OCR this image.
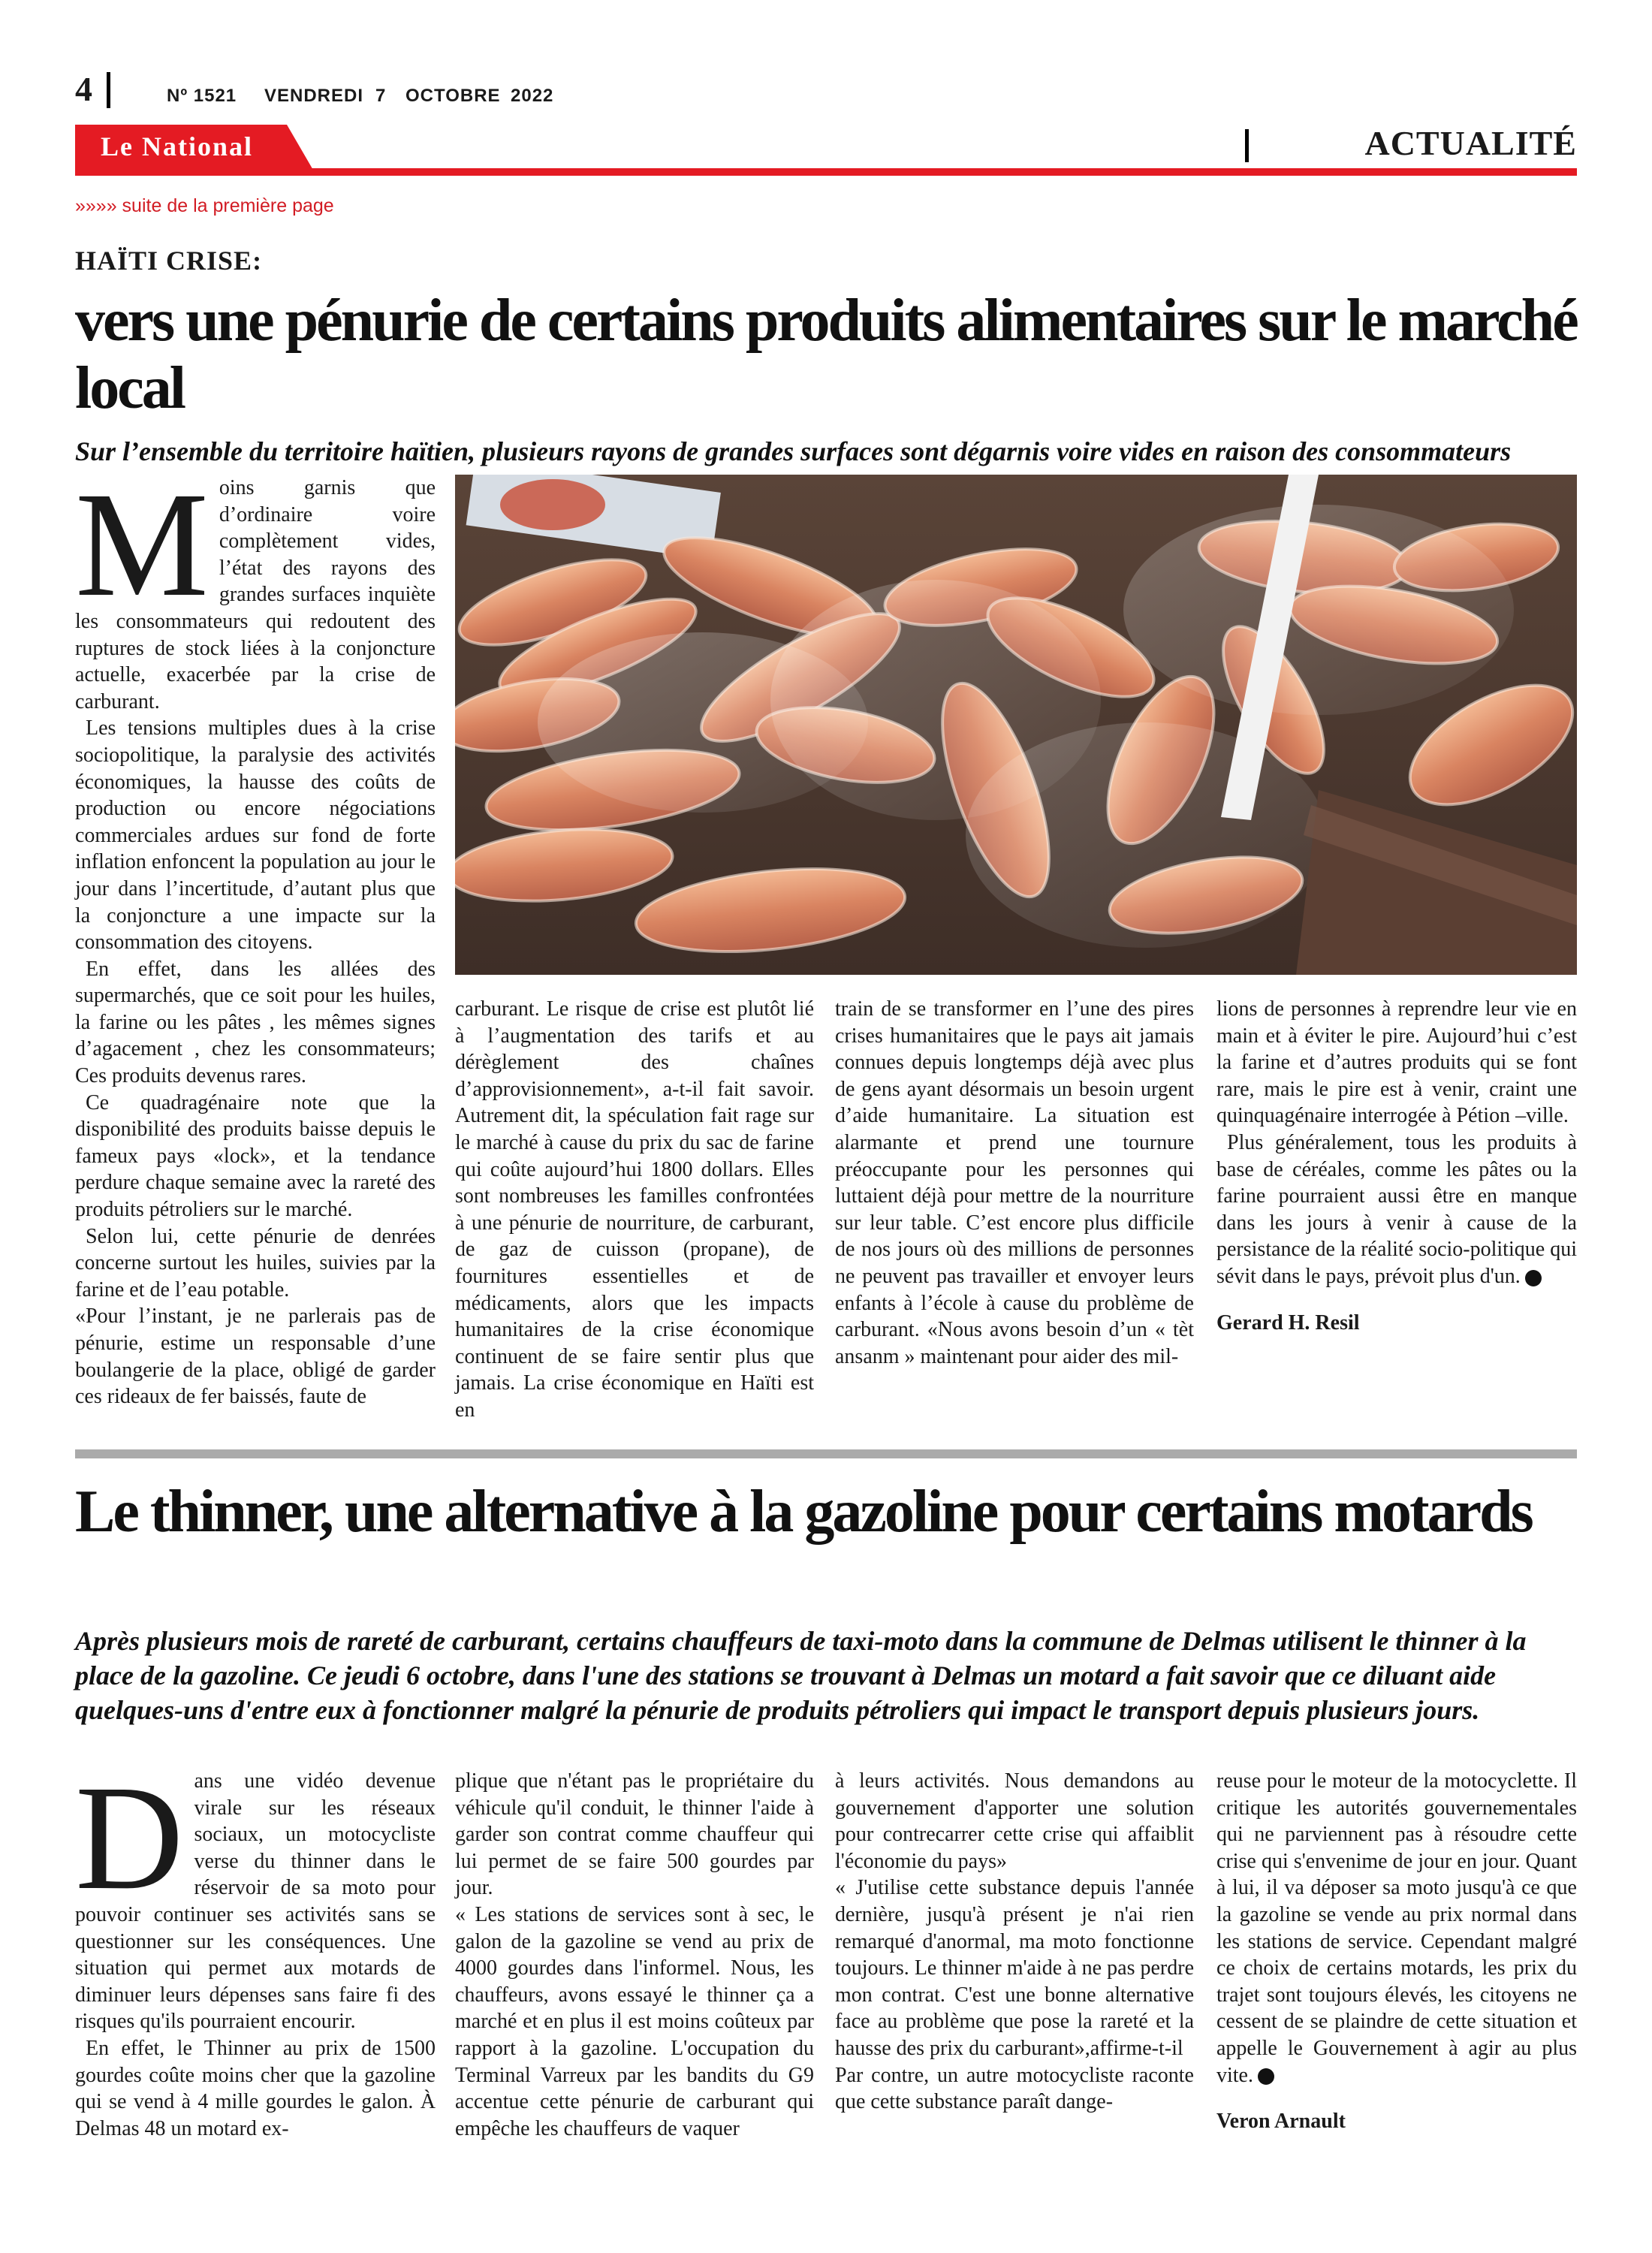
4	Nº 1521 VENDREDI 7 OCTOBRE 2022
Le National	ACTUALITÉ
»»»» suite de la première page
HAÏTI CRISE:
vers une pénurie de certains produits alimentaires sur le marché local
Sur l’ensemble du territoire haïtien, plusieurs rayons de grandes surfaces sont dégarnis voire vides en raison des consommateurs
M oins garnis que d’ordinaire voire complètement vides, l’état des rayons des grandes surfaces inquiète les consommateurs qui redoutent des ruptures de stock liées à la conjoncture actuelle, exacerbée par la crise de carburant.

Les tensions multiples dues à la crise sociopolitique, la paralysie des activités économiques, la hausse des coûts de production ou encore négociations commerciales ardues sur fond de forte inflation enfoncent la population au jour le jour dans l’incertitude, d’autant plus que la conjoncture a une impacte sur la consommation des citoyens.

En effet, dans les allées des supermarchés, que ce soit pour les huiles, la farine ou les pâtes , les mêmes signes d’agacement , chez les consommateurs; Ces produits devenus rares.

Ce quadragénaire note que la disponibilité des produits baisse depuis le fameux pays «lock», et la tendance perdure chaque semaine avec la rareté des produits pétroliers sur le marché.

Selon lui, cette pénurie de denrées concerne surtout les huiles, suivies par la farine et de l’eau potable.

«Pour l’instant, je ne parlerais pas de pénurie, estime un responsable d’une boulangerie de la place, obligé de garder ces rideaux de fer baissés, faute de

carburant. Le risque de crise est plutôt lié à l’augmentation des tarifs et au dérèglement des chaînes d’approvisionnement», a-t-il fait savoir. Autrement dit, la spéculation fait rage sur le marché à cause du prix du sac de farine qui coûte aujourd’hui 1800 dollars. Elles sont nombreuses les familles confrontées à une pénurie de nourriture, de carburant, de gaz de cuisson (propane), de fournitures essentielles et de médicaments, alors que les impacts humanitaires de la crise économique continuent de se faire sentir plus que jamais. La crise économique en Haïti est en

train de se transformer en l’une des pires crises humanitaires que le pays ait jamais connues depuis longtemps déjà avec plus de gens ayant désormais un besoin urgent d’aide humanitaire. La situation est alarmante et prend une tournure préoccupante pour les personnes qui luttaient déjà pour mettre de la nourriture sur leur table. C’est encore plus difficile de nos jours où des millions de personnes ne peuvent pas travailler et envoyer leurs enfants à l’école à cause du problème de carburant. «Nous avons besoin d’un « tèt ansanm » maintenant pour aider des mil-

lions de personnes à reprendre leur vie en main et à éviter le pire. Aujourd’hui c’est la farine et d’autres produits qui se font rare, mais le pire est à venir, craint une quinquagénaire interrogée à Pétion –ville.

Plus généralement, tous les produits à base de céréales, comme les pâtes ou la farine pourraient aussi être en manque dans les jours à venir à cause de la persistance de la réalité socio-politique qui sévit dans le pays, prévoit plus d'un.

Gerard H. Resil

Le thinner, une alternative à la gazoline pour certains motards
Après plusieurs mois de rareté de carburant, certains chauffeurs de taxi-moto dans la commune de Delmas utilisent le thinner à la place de la gazoline. Ce jeudi 6 octobre, dans l'une des stations se trouvant à Delmas un motard a fait savoir que ce diluant aide quelques-uns d'entre eux à fonctionner malgré la pénurie de produits pétroliers qui impact le transport depuis plusieurs jours.
D ans une vidéo devenue virale sur les réseaux sociaux, un motocycliste verse du thinner dans le réservoir de sa moto pour pouvoir continuer ses activités sans se questionner sur les conséquences. Une situation qui permet aux motards de diminuer leurs dépenses sans faire fi des risques qu'ils pourraient encourir.

En effet, le Thinner au prix de 1500 gourdes coûte moins cher que la gazoline qui se vend à 4 mille gourdes le galon. À Delmas 48 un motard ex-

plique que n'étant pas le propriétaire du véhicule qu'il conduit, le thinner l'aide à garder son contrat comme chauffeur qui lui permet de se faire 500 gourdes par jour.

« Les stations de services sont à sec, le galon de la gazoline se vend au prix de 4000 gourdes dans l'informel. Nous, les chauffeurs, avons essayé le thinner ça a marché et en plus il est moins coûteux par rapport à la gazoline. L'occupation du Terminal Varreux par les bandits du G9 accentue cette pénurie de carburant qui empêche les chauffeurs de vaquer

à leurs activités. Nous demandons au gouvernement d'apporter une solution pour contrecarrer cette crise qui affaiblit l'économie du pays»

« J'utilise cette substance depuis l'année dernière, jusqu'à présent je n'ai rien remarqué d'anormal, ma moto fonctionne toujours. Le thinner m'aide à ne pas perdre mon contrat. C'est une bonne alternative face au problème que pose la rareté et la hausse des prix du carburant»,affirme-t-il

Par contre, un autre motocycliste raconte que cette substance paraît dange-

reuse pour le moteur de la motocyclette. Il critique les autorités gouvernementales qui ne parviennent pas à résoudre cette crise qui s'envenime de jour en jour. Quant à lui, il va déposer sa moto jusqu'à ce que la gazoline se vende au prix normal dans les stations de service. Cependant malgré ce choix de certains motards, les prix du trajet sont toujours élevés, les citoyens ne cessent de se plaindre de cette situation et appelle le Gouvernement à agir au plus vite.

Veron Arnault
